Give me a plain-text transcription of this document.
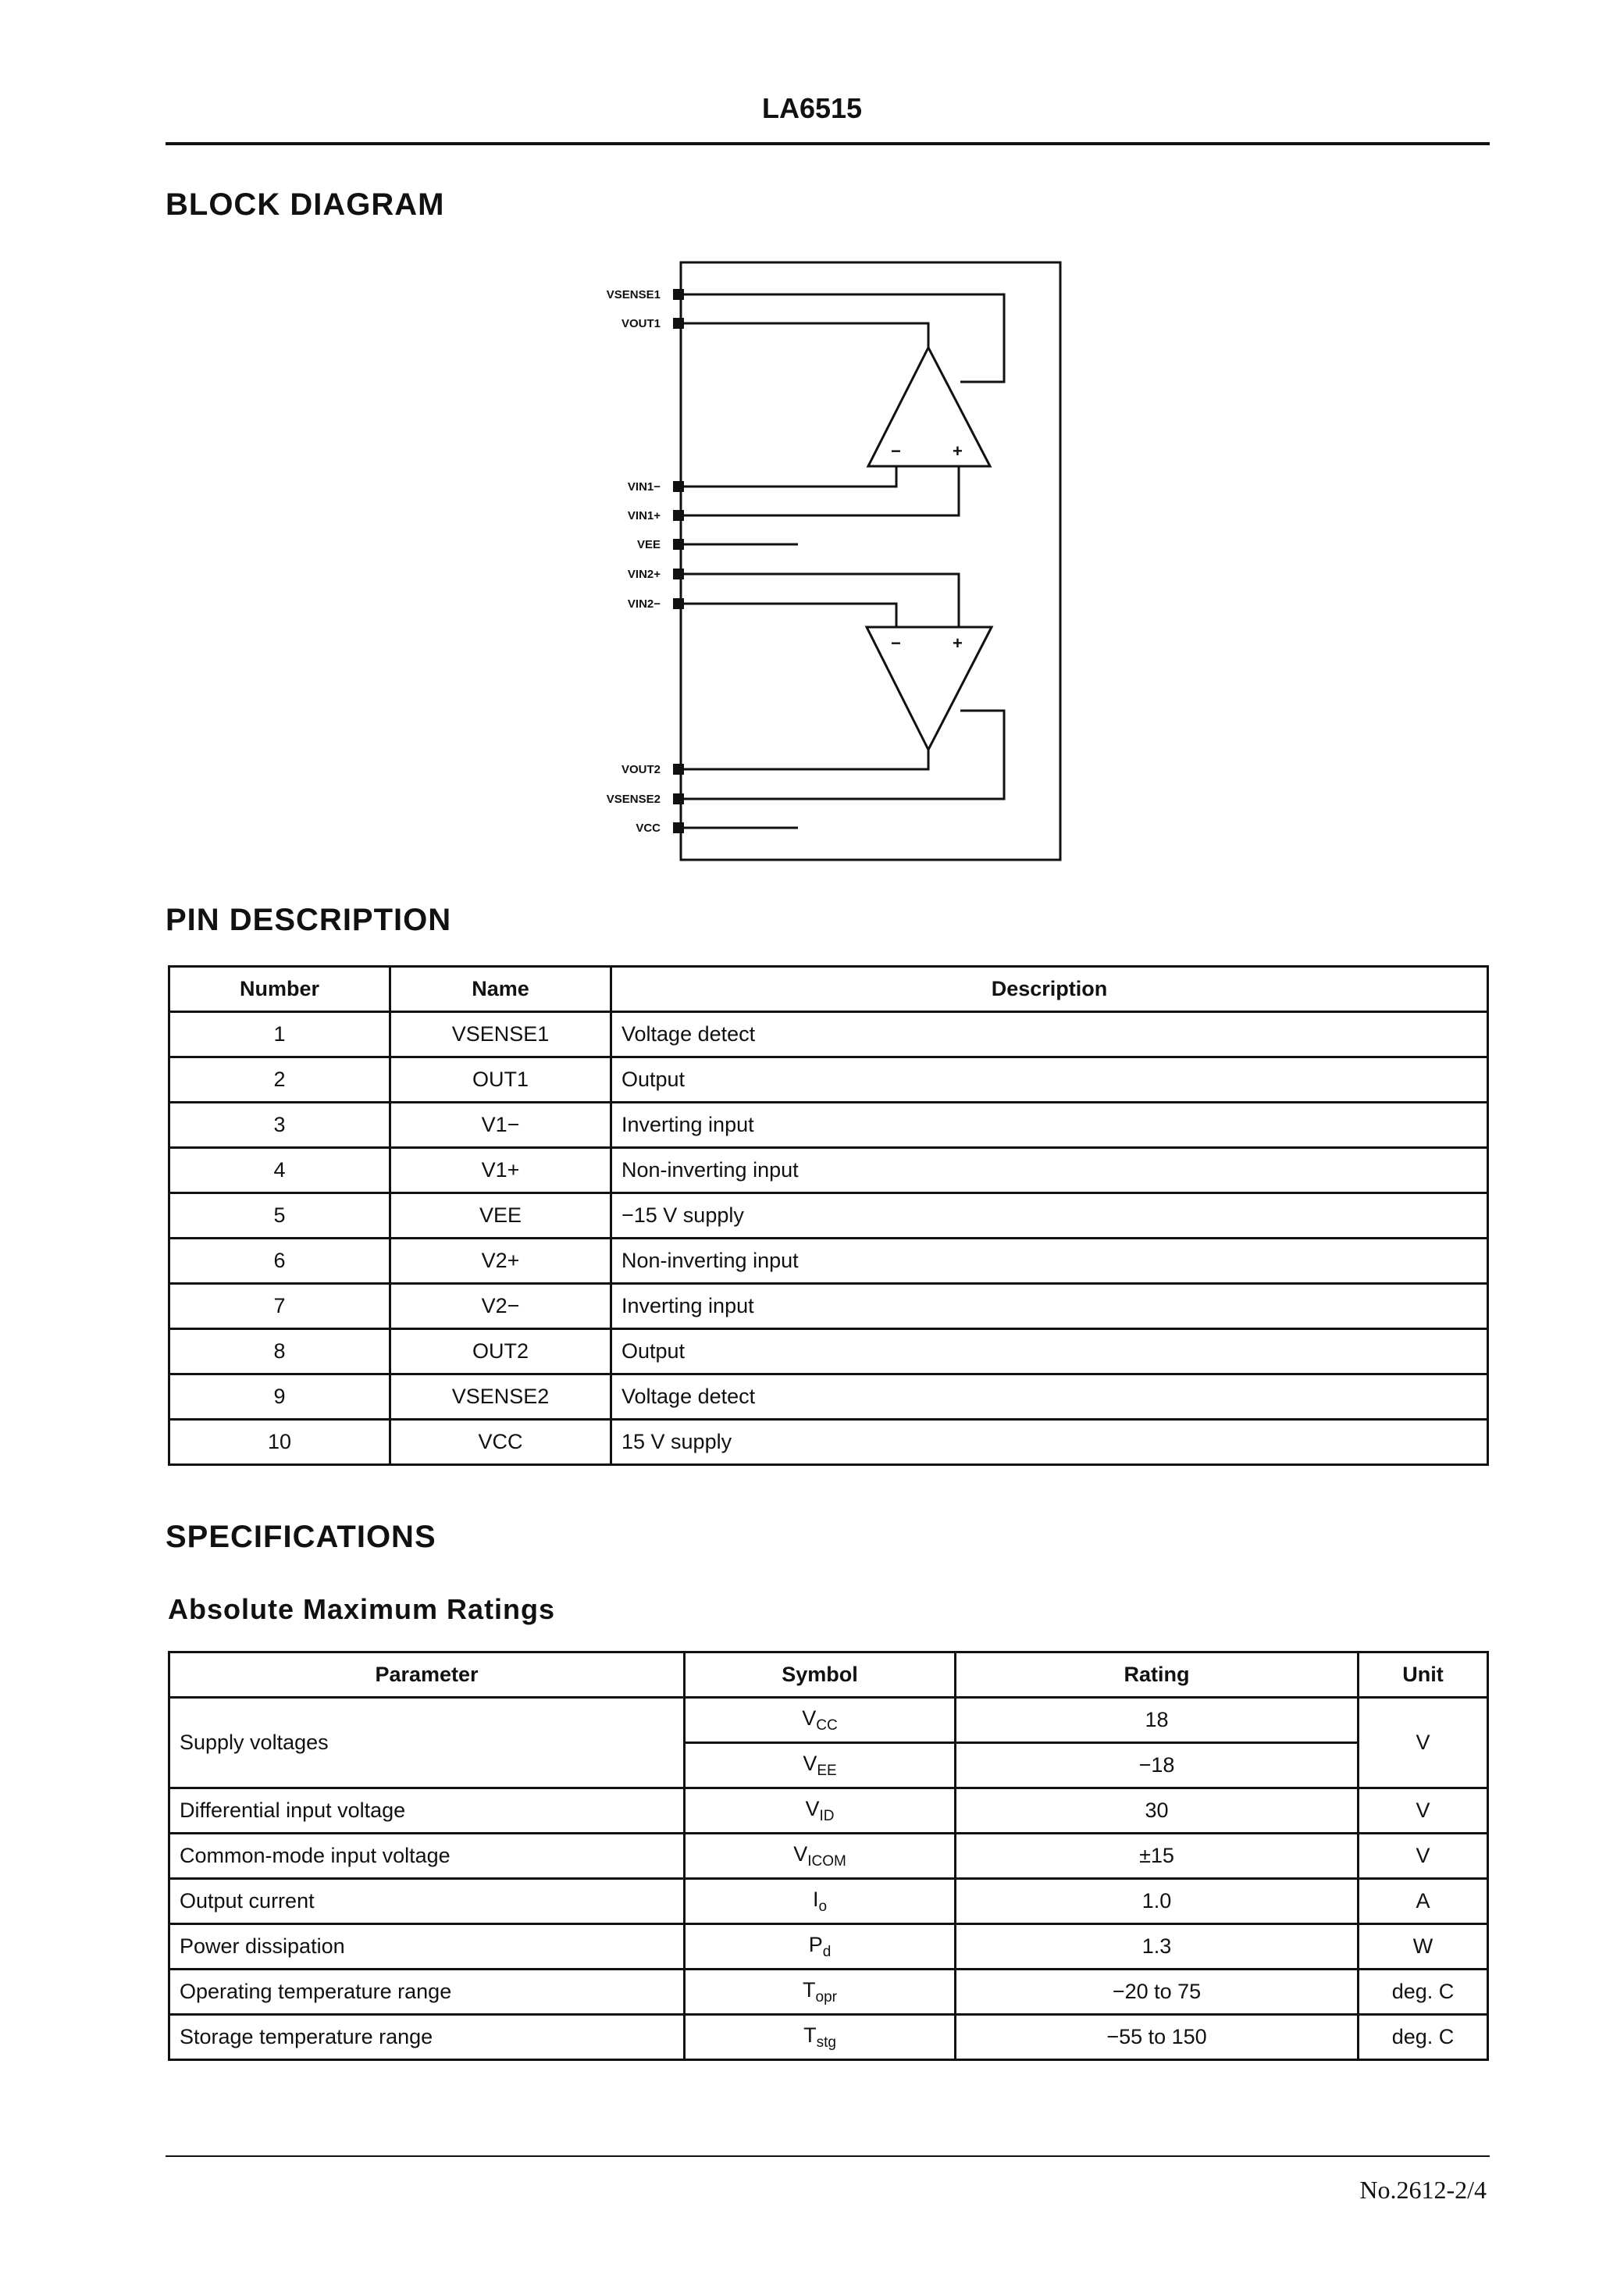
LA6515
BLOCK DIAGRAM
−	+
−	+
VSENSE1
VOUT1
VIN1−
VIN1+
VEE
VIN2+
VIN2−
VOUT2
VSENSE2
VCC
PIN DESCRIPTION
Number	Name	Description
1	VSENSE1	Voltage detect
2	OUT1	Output
3	V1−	Inverting input
4	V1+	Non-inverting input
5	VEE	−15 V supply
6	V2+	Non-inverting input
7	V2−	Inverting input
8	OUT2	Output
9	VSENSE2	Voltage detect
10	VCC	15 V supply
SPECIFICATIONS
Absolute Maximum Ratings
Parameter	Symbol	Rating	Unit
Supply voltages	$V_{CC}$	18	V
	$V_{EE}$	−18	
Differential input voltage	$V_{ID}$	30	V
Common-mode input voltage	$V_{ICOM}$	±15	V
Output current	$I_o$	1.0	A
Power dissipation	$P_d$	1.3	W
Operating temperature range	$T_{opr}$	−20 to 75	deg. C
Storage temperature range	$T_{stg}$	−55 to 150	deg. C
No.2612-2/4
